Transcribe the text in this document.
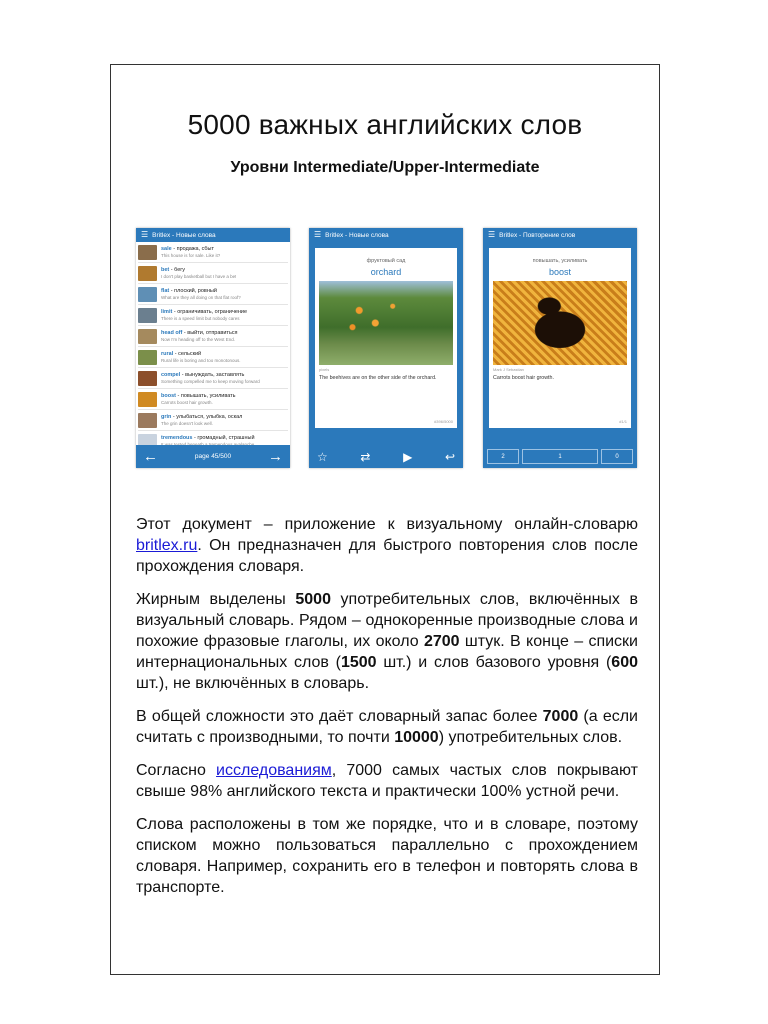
5000 важных английских слов
Уровни Intermediate/Upper-Intermediate
☰ Britlex - Новые слова
sale - продажа, сбыт
This house is for sale. Like it?
bet - бегу
I don't play basketball but I have a bet
flat - плоский, ровный
What are they all doing on that flat roof?
limit - ограничивать, ограничение
There is a speed limit but nobody cares
head off - выйти, отправиться
Now I'm heading off to the West End.
rural - сельский
Rural life is boring and too monotonous.
compel - вынуждать, заставлять
Something compelled me to keep moving forward
boost - повышать, усиливать
Carrots boost hair growth.
grin - улыбаться, улыбка, оскал
The grin doesn't look well.
tremendous - громадный, страшный
←	page 45/500 →
☰ Britlex - Новые слова
фруктовый сад
orchard
pixels
The beehives are on the other side of the orchard.
#396/5000
☆	⇄	▶	↩
☰ Britlex - Повторение слов
повышать, усиливать
boost
Mark J Sebastian
Carrots boost hair growth.
#1/1
2	1	0

Этот документ – приложение к визуальному онлайн-словарю britlex.ru. Он предназначен для быстрого повторения слов после прохождения словаря.

Жирным выделены 5000 употребительных слов, включённых в визуальный словарь. Рядом – однокоренные производные слова и похожие фразовые глаголы, их около 2700 штук. В конце – списки интернациональных слов (1500 шт.) и слов базового уровня (600 шт.), не включённых в словарь.

В общей сложности это даёт словарный запас более 7000 (а если считать с производными, то почти 10000) употребительных слов.

Согласно исследованиям, 7000 самых частых слов покрывают свыше 98% английского текста и практически 100% устной речи.

Слова расположены в том же порядке, что и в словаре, поэтому списком можно пользоваться параллельно с прохождением словаря. Например, сохранить его в телефон и повторять слова в транспорте.
